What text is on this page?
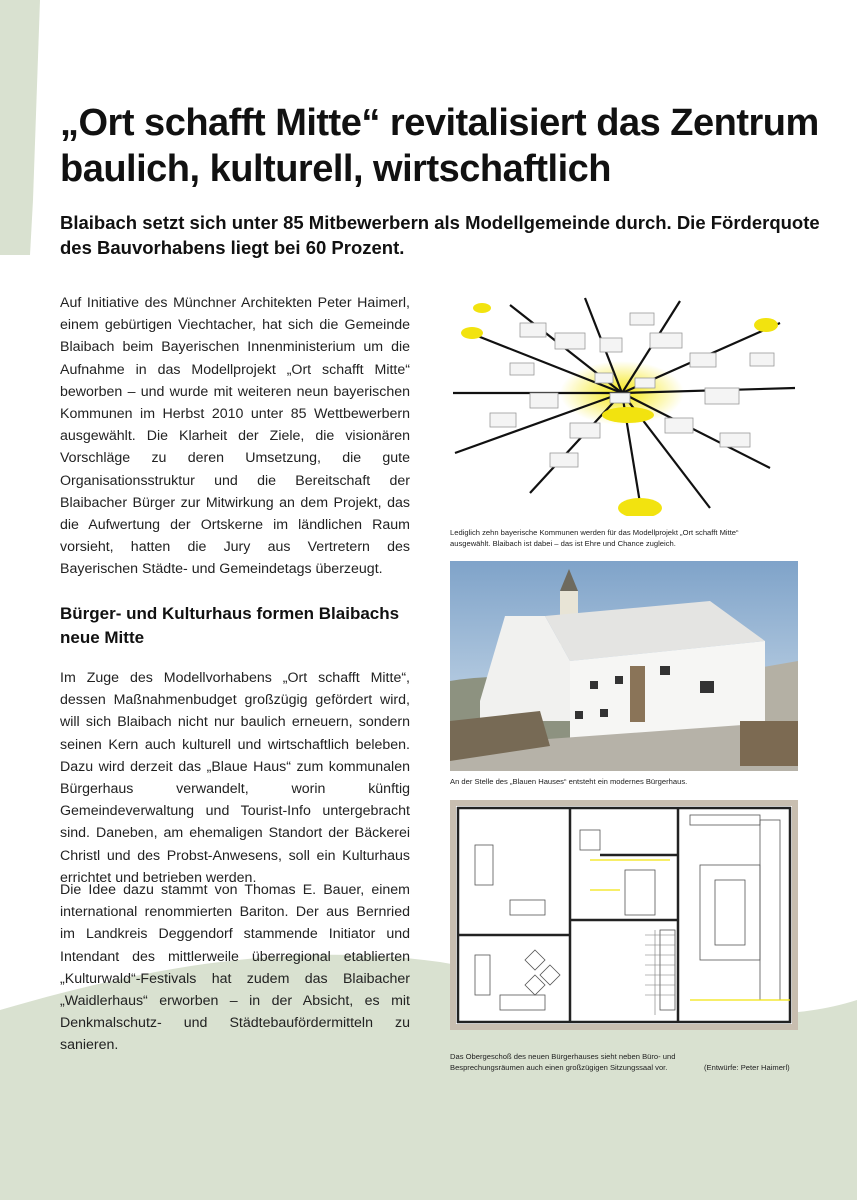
„Ort schafft Mitte“ revitalisiert das Zentrum baulich, kulturell, wirtschaftlich

Blaibach setzt sich unter 85 Mitbewerbern als Modellgemeinde durch. Die Förderquote des Bauvorhabens liegt bei 60 Prozent.

Auf Initiative des Münchner Architekten Peter Haimerl, einem gebürtigen Viechtacher, hat sich die Gemeinde Blaibach beim Bayerischen Innenministerium um die Aufnahme in das Modellprojekt „Ort schafft Mitte“ beworben – und wurde mit weiteren neun bayerischen Kommunen im Herbst 2010 unter 85 Wettbewerbern ausgewählt. Die Klarheit der Ziele, die visionären Vorschläge zu deren Umsetzung, die gute Organisationsstruktur und die Bereitschaft der Blaibacher Bürger zur Mitwirkung an dem Projekt, das die Aufwertung der Ortskerne im ländlichen Raum vorsieht, hatten die Jury aus Vertretern des Bayerischen Städte- und Gemeindetags überzeugt.

Bürger- und Kulturhaus formen Blaibachs neue Mitte

Im Zuge des Modellvorhabens „Ort schafft Mitte“, dessen Maßnahmenbudget großzügig gefördert wird, will sich Blaibach nicht nur baulich erneuern, sondern seinen Kern auch kulturell und wirtschaftlich beleben. Dazu wird derzeit das „Blaue Haus“ zum kommunalen Bürgerhaus verwandelt, worin künftig Gemeindeverwaltung und Tourist-Info untergebracht sind. Daneben, am ehemaligen Standort der Bäckerei Christl und des Probst-Anwesens, soll ein Kulturhaus errichtet und betrieben werden.

Die Idee dazu stammt von Thomas E. Bauer, einem international renommierten Bariton. Der aus Bernried im Landkreis Deggendorf stammende Initiator und Intendant des mittlerweile überregional etablierten „Kulturwald“-Festivals hat zudem das Blaibacher „Waidlerhaus“ erworben – in der Absicht, es mit Denkmalschutz- und Städtebaufördermitteln zu sanieren.

Lediglich zehn bayerische Kommunen werden für das Modellprojekt „Ort schafft Mitte“ ausgewählt. Blaibach ist dabei – das ist Ehre und Chance zugleich.

An der Stelle des „Blauen Hauses“ entsteht ein modernes Bürgerhaus.

Das Obergeschoß des neuen Bürgerhauses sieht neben Büro- und Besprechungsräumen auch einen großzügigen Sitzungssaal vor.	(Entwürfe: Peter Haimerl)
